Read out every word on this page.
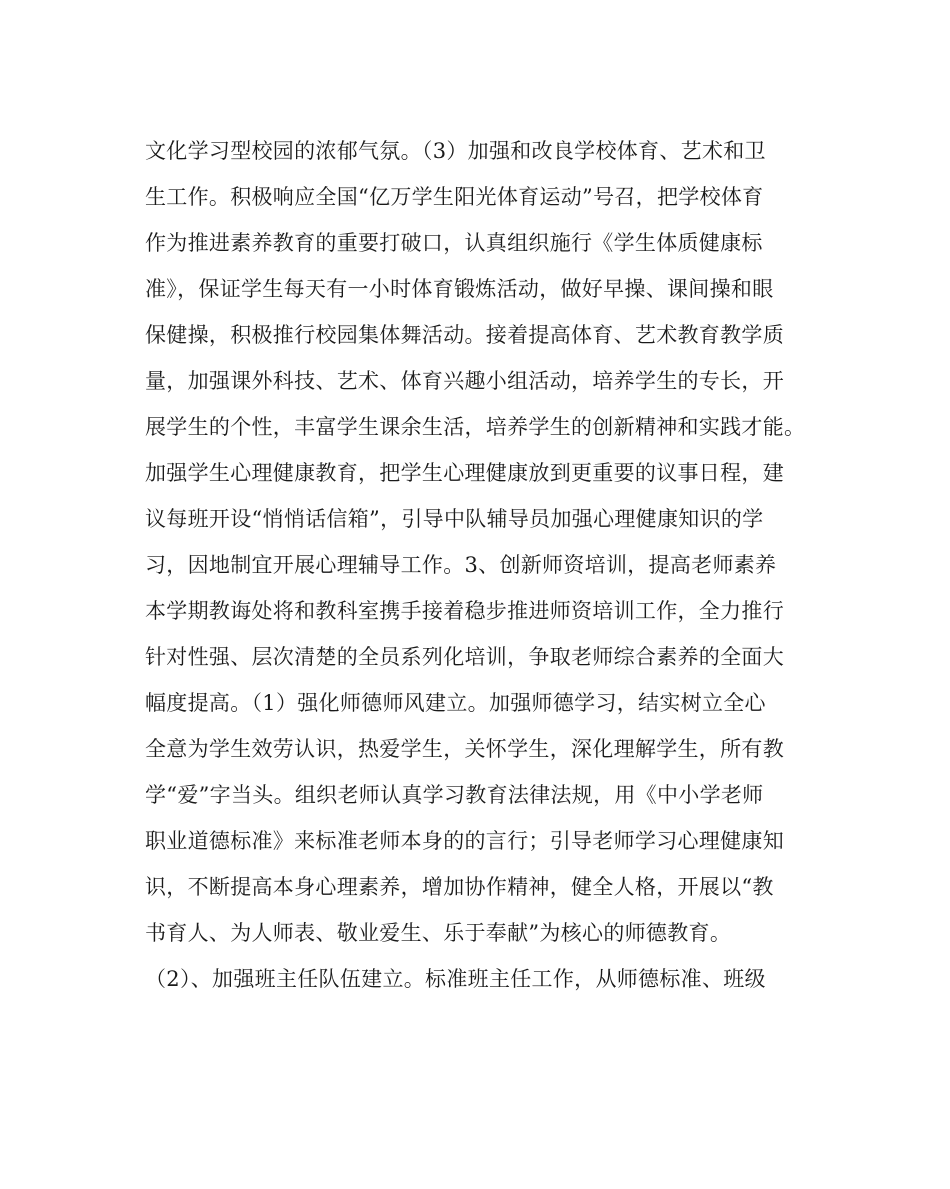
文化学习型校园的浓郁气氛。（3）加强和改良学校体育、艺术和卫
生工作。积极响应全国“亿万学生阳光体育运动”号召，把学校体育
作为推进素养教育的重要打破口，认真组织施行《学生体质健康标
准》，保证学生每天有一小时体育锻炼活动，做好早操、课间操和眼
保健操，积极推行校园集体舞活动。接着提高体育、艺术教育教学质
量，加强课外科技、艺术、体育兴趣小组活动，培养学生的专长，开
展学生的个性，丰富学生课余生活，培养学生的创新精神和实践才能。
加强学生心理健康教育，把学生心理健康放到更重要的议事日程，建
议每班开设“悄悄话信箱”，引导中队辅导员加强心理健康知识的学
习，因地制宜开展心理辅导工作。3、创新师资培训，提高老师素养
本学期教诲处将和教科室携手接着稳步推进师资培训工作，全力推行
针对性强、层次清楚的全员系列化培训，争取老师综合素养的全面大
幅度提高。（1）强化师德师风建立。加强师德学习，结实树立全心
全意为学生效劳认识，热爱学生，关怀学生，深化理解学生，所有教
学“爱”字当头。组织老师认真学习教育法律法规，用《中小学老师
职业道德标准》来标准老师本身的的言行；引导老师学习心理健康知
识，不断提高本身心理素养，增加协作精神，健全人格，开展以“教
书育人、为人师表、敬业爱生、乐于奉献”为核心的师德教育。
（2）、加强班主任队伍建立。标准班主任工作，从师德标准、班级
